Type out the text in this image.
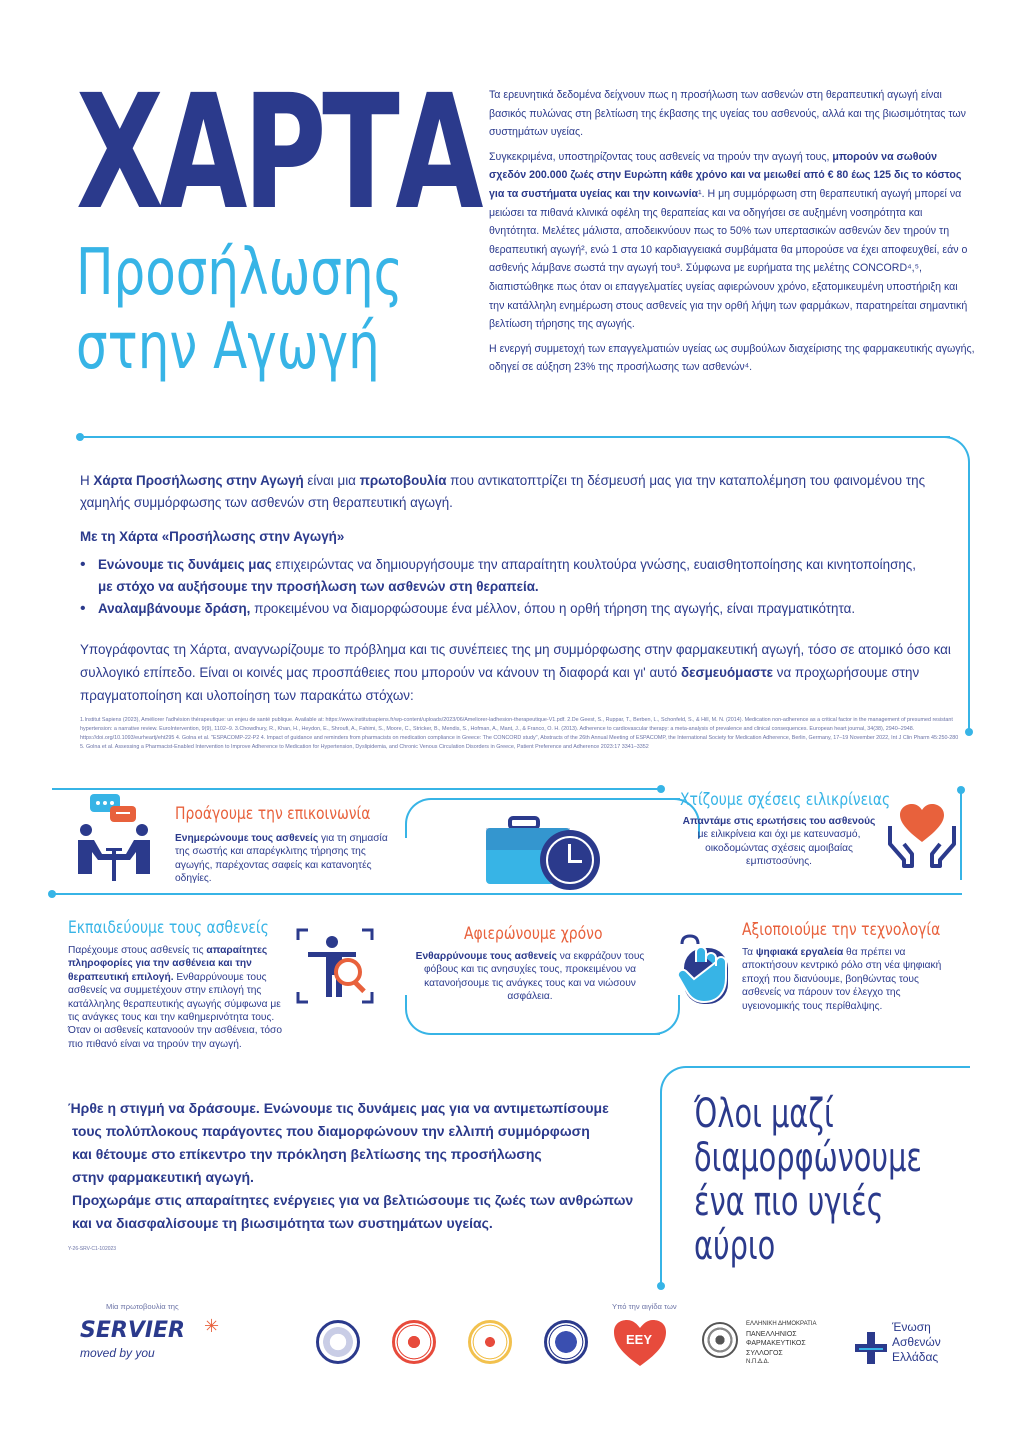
ΧΑΡΤΑ
Προσήλωσης
στην Αγωγή

Τα ερευνητικά δεδομένα δείχνουν πως η προσήλωση των ασθενών στη θεραπευτική αγωγή είναι βασικός πυλώνας στη βελτίωση της έκβασης της υγείας του ασθενούς, αλλά και της βιωσιμότητας των συστημάτων υγείας.

Συγκεκριμένα, υποστηρίζοντας τους ασθενείς να τηρούν την αγωγή τους, μπορούν να σωθούν σχεδόν 200.000 ζωές στην Ευρώπη κάθε χρόνο και να μειωθεί από € 80 έως 125 δις το κόστος για τα συστήματα υγείας και την κοινωνία¹. Η μη συμμόρφωση στη θεραπευτική αγωγή μπορεί να μειώσει τα πιθανά κλινικά οφέλη της θεραπείας και να οδηγήσει σε αυξημένη νοσηρότητα και θνητότητα. Μελέτες μάλιστα, αποδεικνύουν πως το 50% των υπερτασικών ασθενών δεν τηρούν τη θεραπευτική αγωγή², ενώ 1 στα 10 καρδιαγγειακά συμβάματα θα μπορούσε να έχει αποφευχθεί, εάν ο ασθενής λάμβανε σωστά την αγωγή του³. Σύμφωνα με ευρήματα της μελέτης CONCORD⁴,⁵, διαπιστώθηκε πως όταν οι επαγγελματίες υγείας αφιερώνουν χρόνο, εξατομικευμένη υποστήριξη και την κατάλληλη ενημέρωση στους ασθενείς για την ορθή λήψη των φαρμάκων, παρατηρείται σημαντική βελτίωση τήρησης της αγωγής.

Η ενεργή συμμετοχή των επαγγελματιών υγείας ως συμβούλων διαχείρισης της φαρμακευτικής αγωγής, οδηγεί σε αύξηση 23% της προσήλωσης των ασθενών⁴.

Η Χάρτα Προσήλωσης στην Αγωγή είναι μια πρωτοβουλία που αντικατοπτρίζει τη δέσμευσή μας για την καταπολέμηση του φαινομένου της χαμηλής συμμόρφωσης των ασθενών στη θεραπευτική αγωγή.

Με τη Χάρτα «Προσήλωσης στην Αγωγή»

• Ενώνουμε τις δυνάμεις μας επιχειρώντας να δημιουργήσουμε την απαραίτητη κουλτούρα γνώσης, ευαισθητοποίησης και κινητοποίησης,
με στόχο να αυξήσουμε την προσήλωση των ασθενών στη θεραπεία.
• Αναλαμβάνουμε δράση, προκειμένου να διαμορφώσουμε ένα μέλλον, όπου η ορθή τήρηση της αγωγής, είναι πραγματικότητα.

Υπογράφοντας τη Χάρτα, αναγνωρίζουμε το πρόβλημα και τις συνέπειες της μη συμμόρφωσης στην φαρμακευτική αγωγή, τόσο σε ατομικό όσο και συλλογικό επίπεδο. Είναι οι κοινές μας προσπάθειες που μπορούν να κάνουν τη διαφορά και γι' αυτό δεσμευόμαστε να προχωρήσουμε στην πραγματοποίηση και υλοποίηση των παρακάτω στόχων:

1.Institut Sapiens (2023), Améliorer l'adhésion thérapeutique: un enjeu de santé publique. Available at: https://www.institutsapiens.fr/wp-content/uploads/2023/06/Ameliorer-ladhesion-therapeutique-V1.pdf. 2.De Geest, S., Ruppar, T., Berben, L., Schonfeld, S., & Hill, M. N. (2014). Medication non-adherence as a critical factor in the management of presumed resistant hypertension: a narrative review. EuroIntervention, 9(9), 1102–9. 3.Chowdhury, R., Khan, H., Heydon, E., Shroufi, A., Fahimi, S., Moore, C., Stricker, B., Mendis, S., Hofman, A., Mant, J., & Franco, O. H. (2013). Adherence to cardiovascular therapy: a meta-analysis of prevalence and clinical consequences. European heart journal, 34(38), 2940–2948. https://doi.org/10.1093/eurheartj/eht295 4. Golna et al. "ESPACOMP-22-P2 4. Impact of guidance and reminders from pharmacists on medication compliance in Greece: The CONCORD study", Abstracts of the 26th Annual Meeting of ESPACOMP, the International Society for Medication Adherence, Berlin, Germany, 17–19 November 2022, Int J Clin Pharm 45:250-280 5. Golna et al. Assessing a Pharmacist-Enabled Intervention to Improve Adherence to Medication for Hypertension, Dyslipidemia, and Chronic Venous Circulation Disorders in Greece, Patient Preference and Adherence 2023:17 3341–3352
Προάγουμε την επικοινωνία
Ενημερώνουμε τους ασθενείς για τη σημασία της σωστής και απαρέγκλιτης τήρησης της αγωγής, παρέχοντας σαφείς και κατανοητές οδηγίες.
Χτίζουμε σχέσεις ειλικρίνειας
Απαντάμε στις ερωτήσεις του ασθενούς με ειλικρίνεια και όχι με κατευνασμό, οικοδομώντας σχέσεις αμοιβαίας εμπιστοσύνης.
Εκπαιδεύουμε τους ασθενείς
Παρέχουμε στους ασθενείς τις απαραίτητες πληροφορίες για την ασθένεια και την θεραπευτική επιλογή. Ενθαρρύνουμε τους ασθενείς να συμμετέχουν στην επιλογή της κατάλληλης θεραπευτικής αγωγής σύμφωνα με τις ανάγκες τους και την καθημερινότητα τους. Όταν οι ασθενείς κατανοούν την ασθένεια, τόσο πιο πιθανό είναι να τηρούν την αγωγή.
Αφιερώνουμε χρόνο
Ενθαρρύνουμε τους ασθενείς να εκφράζουν τους φόβους και τις ανησυχίες τους, προκειμένου να κατανοήσουμε τις ανάγκες τους και να νιώσουν ασφάλεια.
Αξιοποιούμε την τεχνολογία
Τα ψηφιακά εργαλεία θα πρέπει να αποκτήσουν κεντρικό ρόλο στη νέα ψηφιακή εποχή που διανύουμε, βοηθώντας τους ασθενείς να πάρουν τον έλεγχο της υγειονομικής τους περίθαλψης.
Ήρθε η στιγμή να δράσουμε. Ενώνουμε τις δυνάμεις μας για να αντιμετωπίσουμε
τους πολύπλοκους παράγοντες που διαμορφώνουν την ελλιπή συμμόρφωση
και θέτουμε στο επίκεντρο την πρόκληση βελτίωσης της προσήλωσης
στην φαρμακευτική αγωγή.
Προχωράμε στις απαραίτητες ενέργειες για να βελτιώσουμε τις ζωές των ανθρώπων
και να διασφαλίσουμε τη βιωσιμότητα των συστημάτων υγείας.
Y-26-SRV-C1-102023
Όλοι μαζί
διαμορφώνουμε
ένα πιο υγιές
αύριο
Μία πρωτοβουλία της
SERVIER ✳
moved by you
Υπό την αιγίδα των
EEY
ΕΛΛΗΝΙΚΗ ΔΗΜΟΚΡΑΤΙΑ
ΠΑΝΕΛΛΗΝΙΟΣ
ΦΑΡΜΑΚΕΥΤΙΚΟΣ
ΣΥΛΛΟΓΟΣ
Ν.Π.Δ.Δ.
Ένωση
Ασθενών
Ελλάδας
